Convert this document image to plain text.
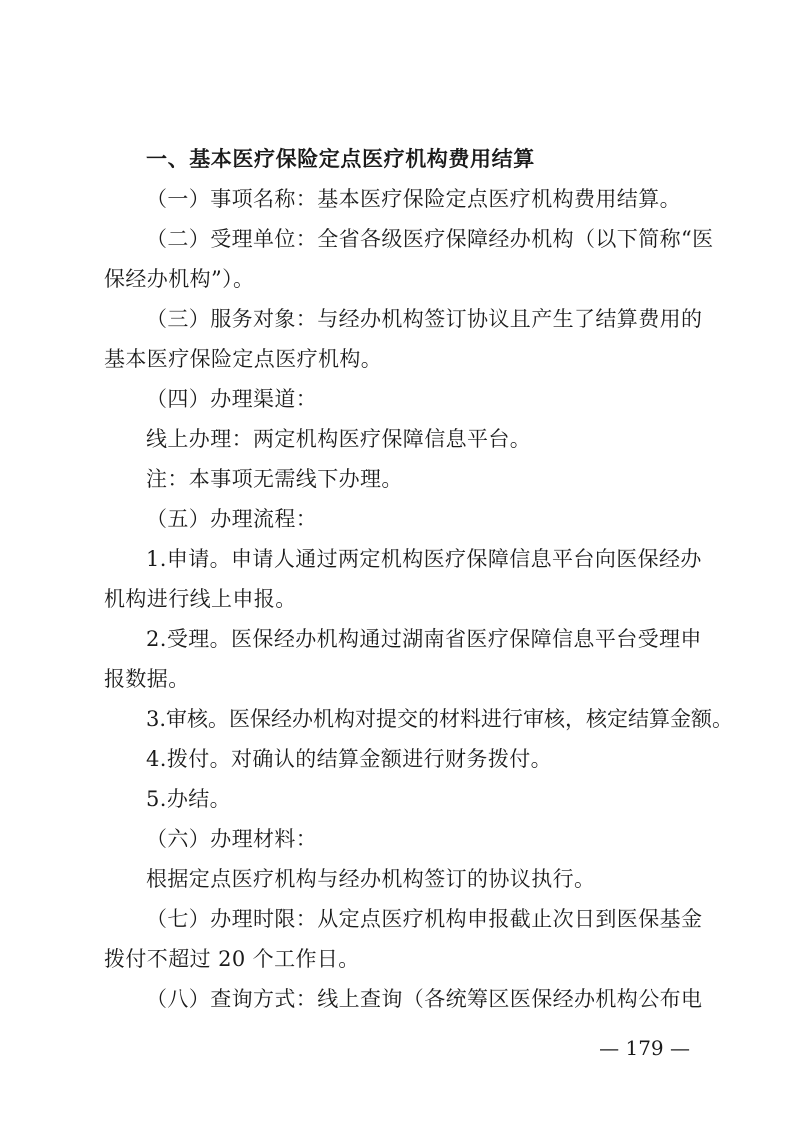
一、基本医疗保险定点医疗机构费用结算
（一）事项名称：基本医疗保险定点医疗机构费用结算。
（二）受理单位：全省各级医疗保障经办机构（以下简称“医
保经办机构”）。
（三）服务对象：与经办机构签订协议且产生了结算费用的
基本医疗保险定点医疗机构。
（四）办理渠道：
线上办理：两定机构医疗保障信息平台。
注：本事项无需线下办理。
（五）办理流程：
1.申请。申请人通过两定机构医疗保障信息平台向医保经办
机构进行线上申报。
2.受理。医保经办机构通过湖南省医疗保障信息平台受理申
报数据。
3.审核。医保经办机构对提交的材料进行审核，核定结算金额。
4.拨付。对确认的结算金额进行财务拨付。
5.办结。
（六）办理材料：
根据定点医疗机构与经办机构签订的协议执行。
（七）办理时限：从定点医疗机构申报截止次日到医保基金
拨付不超过 20 个工作日。
（八）查询方式：线上查询（各统筹区医保经办机构公布电
— 179 —
